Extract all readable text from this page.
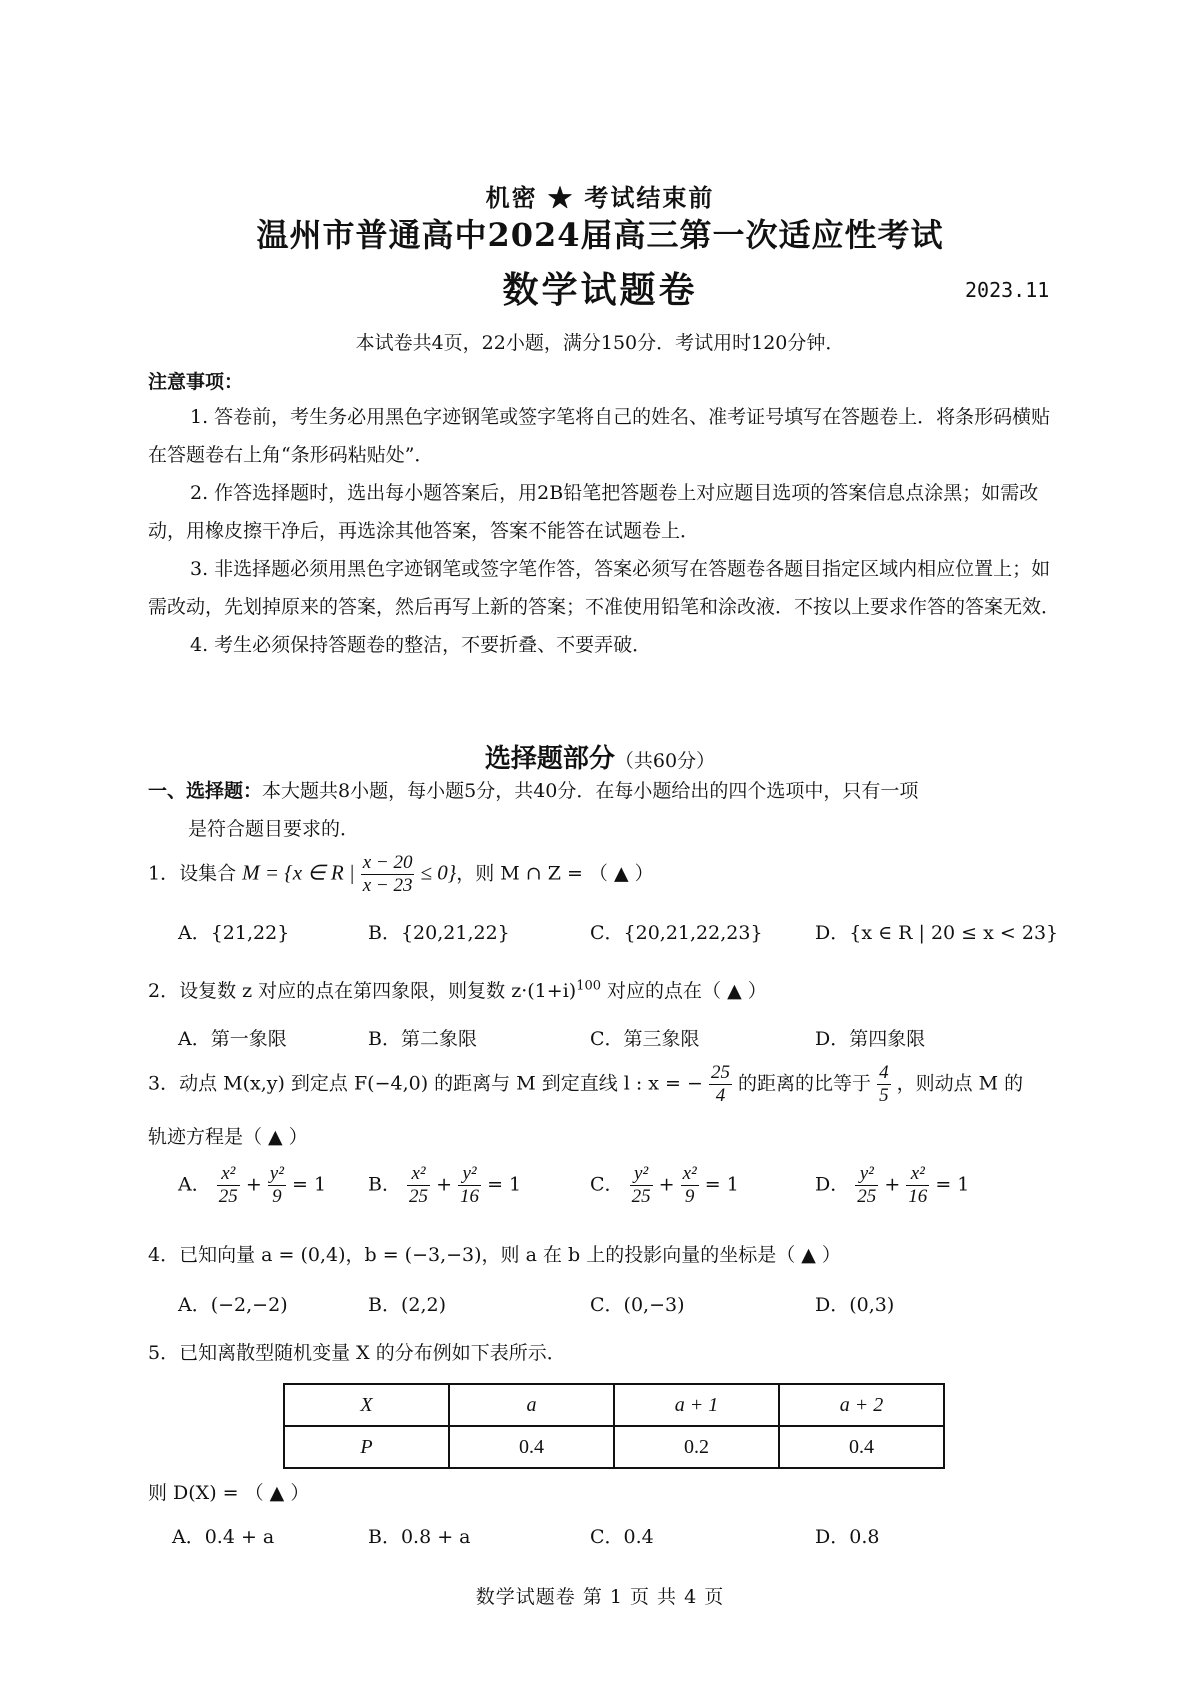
机密 ★ 考试结束前
温州市普通高中2024届高三第一次适应性考试
数学试题卷	2023.11
本试卷共4页，22小题，满分150分．考试用时120分钟．
注意事项：

1. 答卷前，考生务必用黑色字迹钢笔或签字笔将自己的姓名、准考证号填写在答题卷上．将条形码横贴在答题卷右上角“条形码粘贴处”．

2. 作答选择题时，选出每小题答案后，用2B铅笔把答题卷上对应题目选项的答案信息点涂黑；如需改动，用橡皮擦干净后，再选涂其他答案，答案不能答在试题卷上．

3. 非选择题必须用黑色字迹钢笔或签字笔作答，答案必须写在答题卷各题目指定区域内相应位置上；如需改动，先划掉原来的答案，然后再写上新的答案；不准使用铅笔和涂改液．不按以上要求作答的答案无效．

4. 考生必须保持答题卷的整洁，不要折叠、不要弄破．

选择题部分（共60分）
一、选择题：本大题共8小题，每小题5分，共40分．在每小题给出的四个选项中，只有一项
是符合题目要求的．
1．设集合 M = {x ∈ R | $\frac{x - 20}{x - 23} \le 0$}，则 M ∩ Z = （ ▲ ）
A．{21,22}	B．{20,21,22}	C．{20,21,22,23}	D．{x ∈ R | 20 ≤ x < 23}
2．设复数 z 对应的点在第四象限，则复数 $z\cdot(1+i)^{100}$ 对应的点在（ ▲ ）
A．第一象限	B．第二象限	C．第三象限	D．第四象限
3．动点 M(x,y) 到定点 F(−4,0) 的距离与 M 到定直线 l : x = − $\frac{25}{4}$ 的距离的比等于 $\frac{4}{5}$ ，则动点 M 的
轨迹方程是（ ▲ ）
A． $\frac{\text{x²}}{25} + \frac{\text{y²}}{9} = 1$ B． $\frac{\text{x²}}{25} + \frac{\text{y²}}{16} = 1$	C． $\frac{\text{y²}}{25} + \frac{\text{x²}}{9} = 1$	D． $\frac{\text{y²}}{25} + \frac{\text{x²}}{16} = 1$
4．已知向量 a = (0,4)，b = (−3,−3)，则 a 在 b 上的投影向量的坐标是（ ▲ ）
A．(−2,−2)	B．(2,2)	C．(0,−3)	D．(0,3)
5．已知离散型随机变量 X 的分布例如下表所示．
X	a	a + 1	a + 2
P	0.4	0.2	0.4
则 D(X) = （ ▲ ）
A．0.4 + a	B．0.8 + a	C．0.4	D．0.8
数学试题卷 第 1 页 共 4 页
